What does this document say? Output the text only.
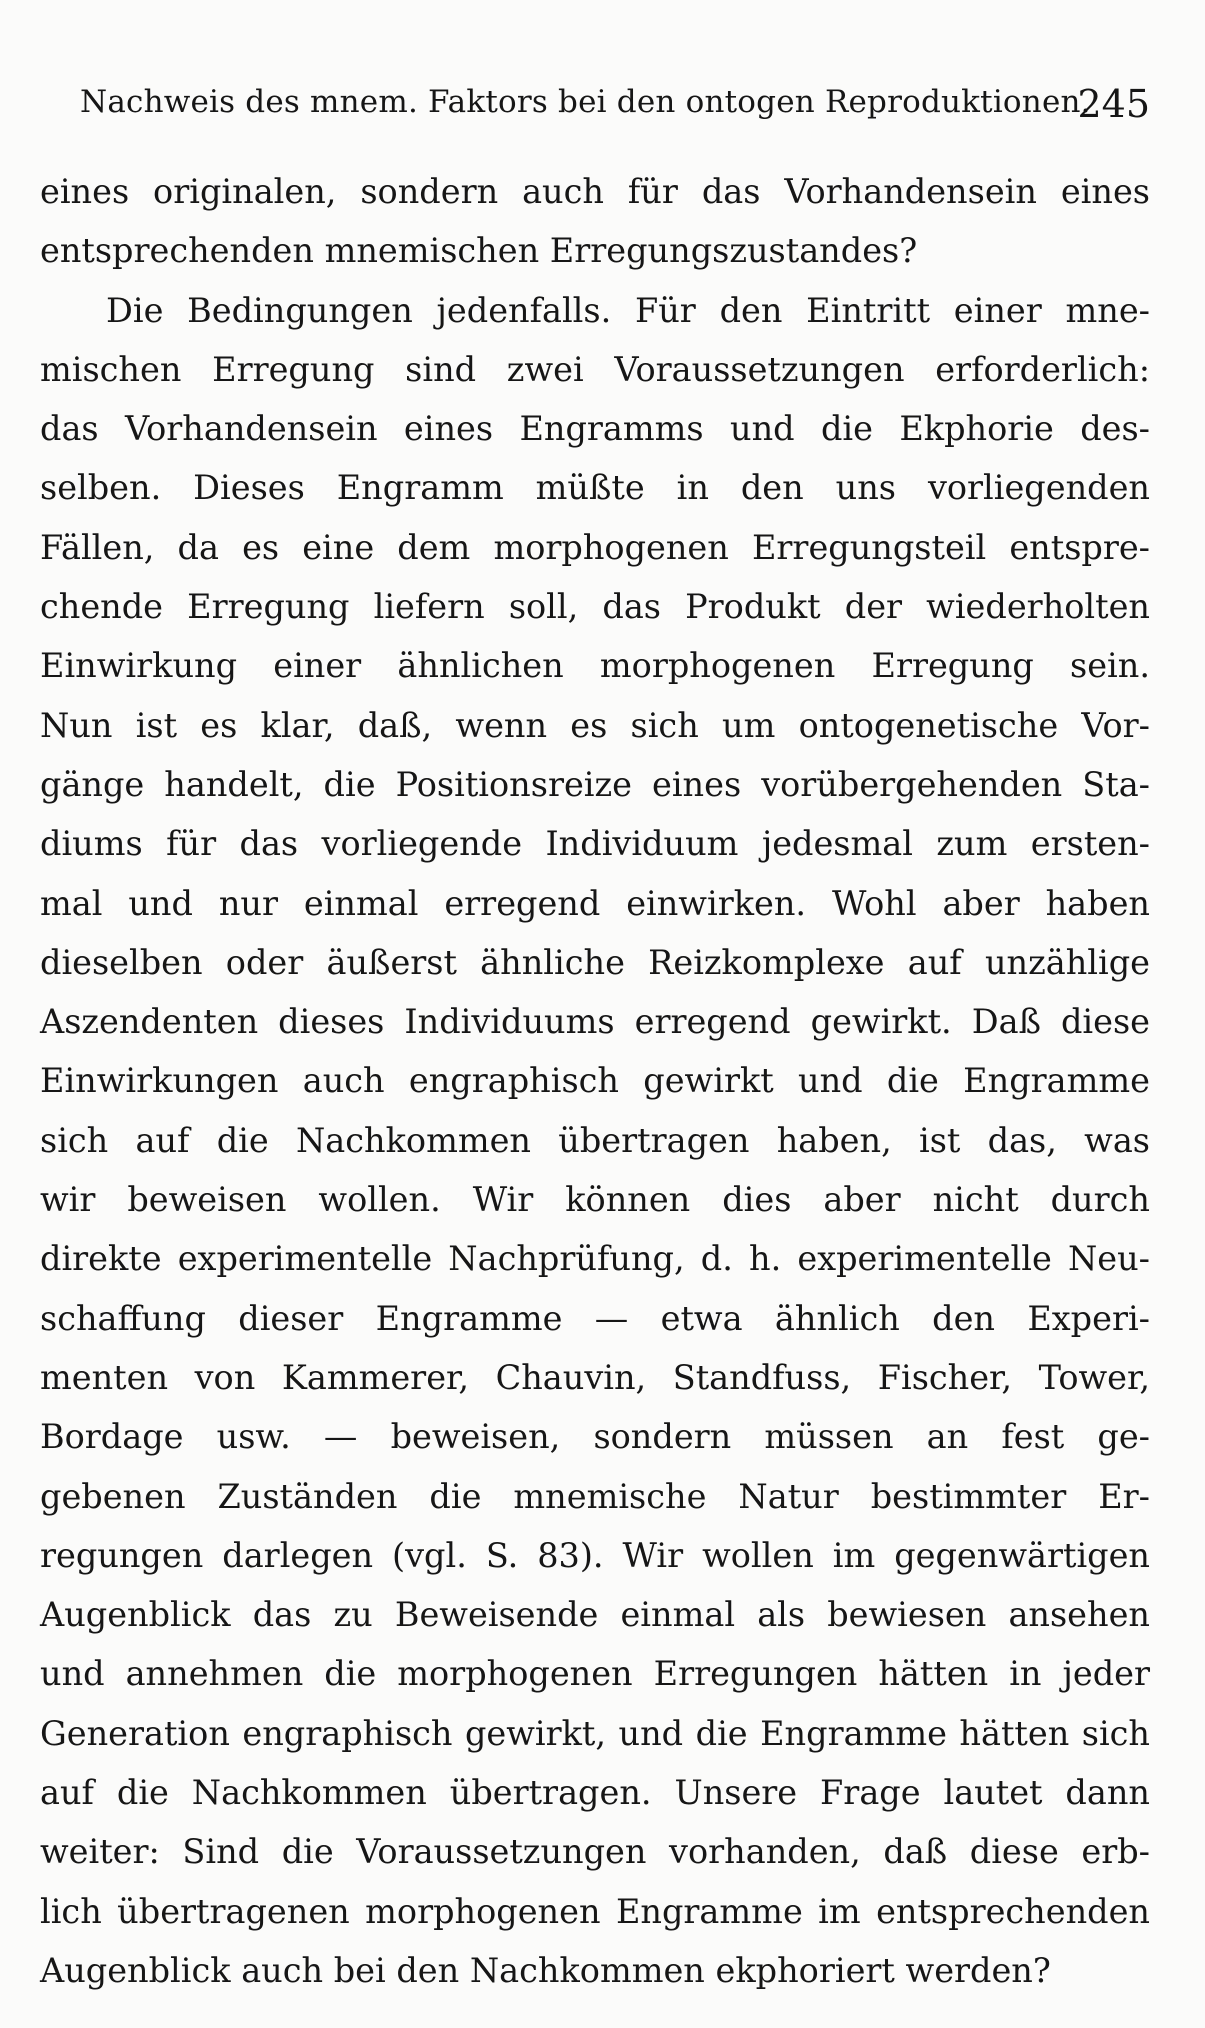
Nachweis des mnem. Faktors bei den ontogen Reproduktionen.
245
eines originalen, sondern auch für das Vorhandensein eines
entsprechenden mnemischen Erregungszustandes?
Die Bedingungen jedenfalls. Für den Eintritt einer mne-
mischen Erregung sind zwei Voraussetzungen erforderlich:
das Vorhandensein eines Engramms und die Ekphorie des-
selben. Dieses Engramm müßte in den uns vorliegenden
Fällen, da es eine dem morphogenen Erregungsteil entspre-
chende Erregung liefern soll, das Produkt der wiederholten
Einwirkung einer ähnlichen morphogenen Erregung sein.
Nun ist es klar, daß, wenn es sich um ontogenetische Vor-
gänge handelt, die Positionsreize eines vorübergehenden Sta-
diums für das vorliegende Individuum jedesmal zum ersten-
mal und nur einmal erregend einwirken. Wohl aber haben
dieselben oder äußerst ähnliche Reizkomplexe auf unzählige
Aszendenten dieses Individuums erregend gewirkt. Daß diese
Einwirkungen auch engraphisch gewirkt und die Engramme
sich auf die Nachkommen übertragen haben, ist das, was
wir beweisen wollen. Wir können dies aber nicht durch
direkte experimentelle Nachprüfung, d. h. experimentelle Neu-
schaffung dieser Engramme — etwa ähnlich den Experi-
menten von Kammerer, Chauvin, Standfuss, Fischer, Tower,
Bordage usw. — beweisen, sondern müssen an fest ge-
gebenen Zuständen die mnemische Natur bestimmter Er-
regungen darlegen (vgl. S. 83). Wir wollen im gegenwärtigen
Augenblick das zu Beweisende einmal als bewiesen ansehen
und annehmen die morphogenen Erregungen hätten in jeder
Generation engraphisch gewirkt, und die Engramme hätten sich
auf die Nachkommen übertragen. Unsere Frage lautet dann
weiter: Sind die Voraussetzungen vorhanden, daß diese erb-
lich übertragenen morphogenen Engramme im entsprechenden
Augenblick auch bei den Nachkommen ekphoriert werden?
